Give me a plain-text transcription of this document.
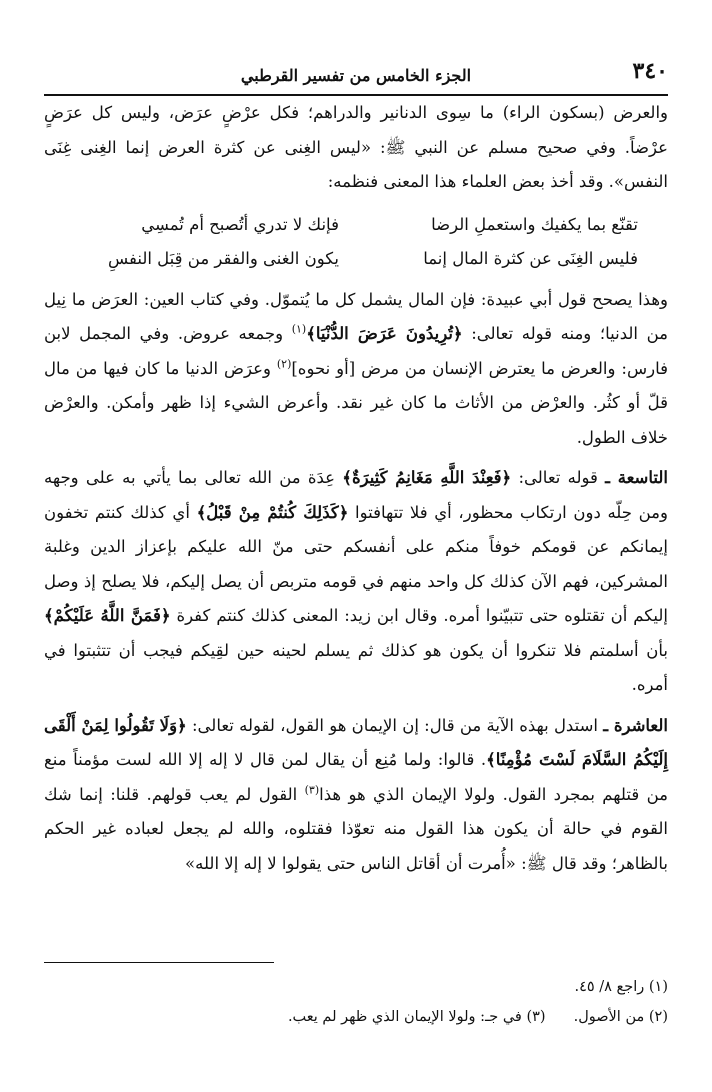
٣٤٠
الجزء الخامس من تفسير القرطبي

والعرض (بسكون الراء) ما سِوى الدنانير والدراهم؛ فكل عرْضٍ عرَض، وليس كل عرَضٍ عرْضاً. وفي صحيح مسلم عن النبي ﷺ: «ليس الغِنى عن كثرة العرض إنما الغِنى غِنَى النفس». وقد أخذ بعض العلماء هذا المعنى فنظمه:

تقنّع بما يكفيك واستعملِ الرضا
فإنك لا تدري أتُصبح أم تُمسِي
فليس الغِنَى عن كثرة المال إنما
يكون الغنى والفقر من قِبَل النفسِ

وهذا يصحح قول أبي عبيدة: فإن المال يشمل كل ما يُتموّل. وفي كتاب العين: العرَض ما نِيل من الدنيا؛ ومنه قوله تعالى: ﴿تُرِيدُونَ عَرَضَ الدُّنْيَا﴾$^{(١)}$ وجمعه عروض. وفي المجمل لابن فارس: والعرض ما يعترض الإنسان من مرض [أو نحوه]$^{(٢)}$ وعرَض الدنيا ما كان فيها من مال قلّ أو كثُر. والعرْض من الأثاث ما كان غير نقد. وأعرض الشيء إذا ظهر وأمكن. والعرْض خلاف الطول.

التاسعة ـ قوله تعالى: ﴿فَعِنْدَ اللَّهِ مَغَانِمُ كَثِيرَةٌ﴾ عِدَة من الله تعالى بما يأتي به على وجهه ومن حِلّه دون ارتكاب محظور، أي فلا تتهافتوا ﴿كَذَلِكَ كُنتُمْ مِنْ قَبْلُ﴾ أي كذلك كنتم تخفون إيمانكم عن قومكم خوفاً منكم على أنفسكم حتى منّ الله عليكم بإعزاز الدين وغلبة المشركين، فهم الآن كذلك كل واحد منهم في قومه متربص أن يصل إليكم، فلا يصلح إذ وصل إليكم أن تقتلوه حتى تتبيّنوا أمره. وقال ابن زيد: المعنى كذلك كنتم كفرة ﴿فَمَنَّ اللَّهُ عَلَيْكُمْ﴾ بأن أسلمتم فلا تنكروا أن يكون هو كذلك ثم يسلم لحينه حين لقِيكم فيجب أن تتثبتوا في أمره.

العاشرة ـ استدل بهذه الآية من قال: إن الإيمان هو القول، لقوله تعالى: ﴿وَلَا تَقُولُوا لِمَنْ أَلْقَى إِلَيْكُمُ السَّلَامَ لَسْتَ مُؤْمِنًا﴾. قالوا: ولما مُنِع أن يقال لمن قال لا إله إلا الله لست مؤمناً منع من قتلهم بمجرد القول. ولولا الإيمان الذي هو هذا$^{(٣)}$ القول لم يعب قولهم. قلنا: إنما شك القوم في حالة أن يكون هذا القول منه تعوّذا فقتلوه، والله لم يجعل لعباده غير الحكم بالظاهر؛ وقد قال ﷺ: «أُمرت أن أقاتل الناس حتى يقولوا لا إله إلا الله»

(١) راجع ٨/ ٤٥.
(٢) من الأصول.
(٣) في جـ: ولولا الإيمان الذي ظهر لم يعب.
